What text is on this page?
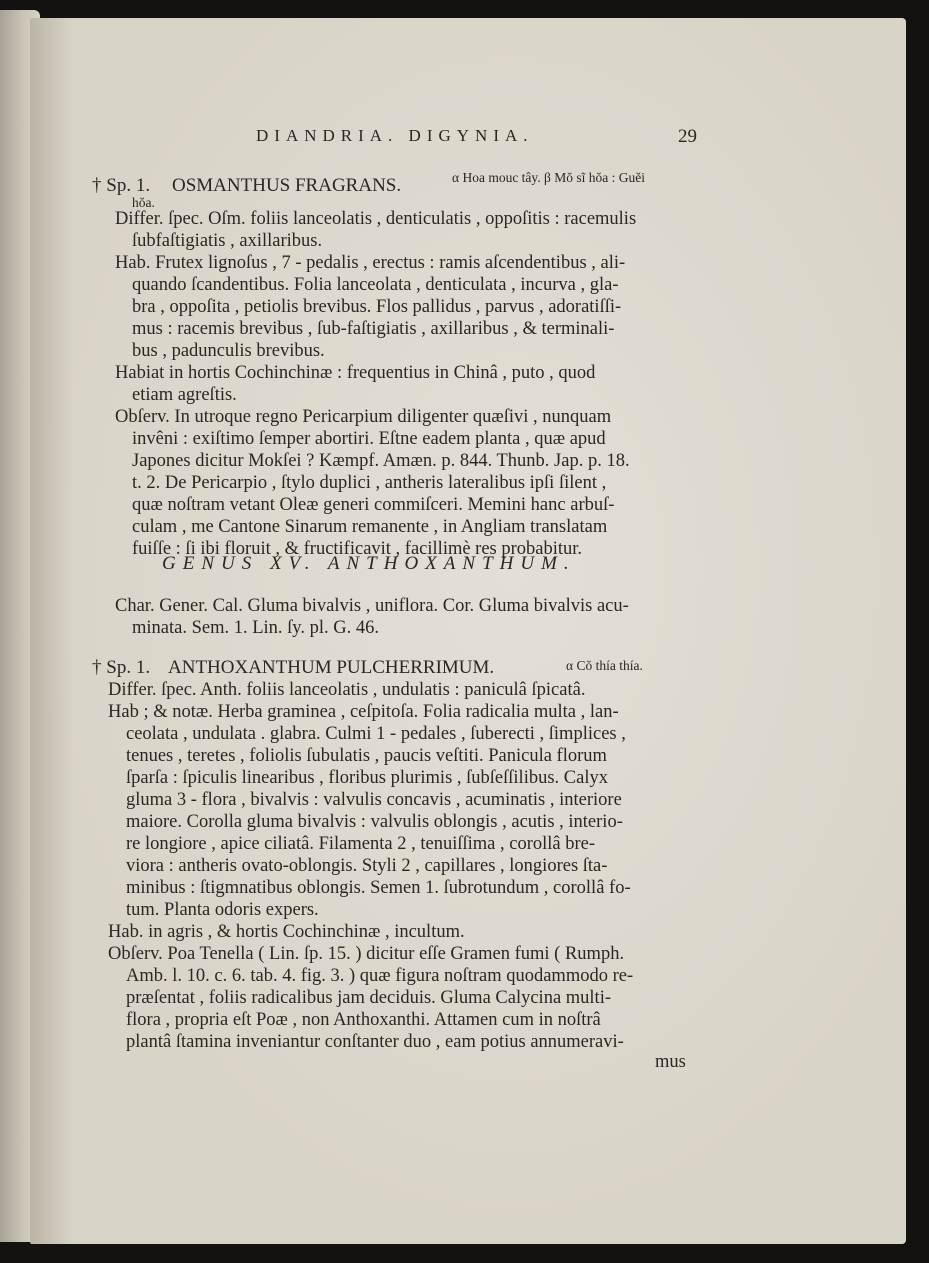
DIANDRIA. DIGYNIA.	29
† Sp. 1. OSMANTHUS FRAGRANS.	α Hoa mouc tây. β Mŏ sĩ hŏa : Guĕi
hŏa.
Differ. ſpec. Oſm. foliis lanceolatis , denticulatis , oppoſitis : racemulis
ſubfaſtigiatis , axillaribus.
Hab. Frutex lignoſus , 7 - pedalis , erectus : ramis aſcendentibus , ali-
quando ſcandentibus. Folia lanceolata , denticulata , incurva , gla-
bra , oppoſita , petiolis brevibus. Flos pallidus , parvus , adoratiſſi-
mus : racemis brevibus , ſub-faſtigiatis , axillaribus , & terminali-
bus , padunculis brevibus.
Habiat in hortis Cochinchinæ : frequentius in Chinâ , puto , quod
etiam agreſtis.
Obſerv. In utroque regno Pericarpium diligenter quæſivi , nunquam
invêni : exiſtimo ſemper abortiri. Eſtne eadem planta , quæ apud
Japones dicitur Mokſei ? Kæmpf. Amæn. p. 844. Thunb. Jap. p. 18.
t. 2. De Pericarpio , ſtylo duplici , antheris lateralibus ipſi ſilent ,
quæ noſtram vetant Oleæ generi commiſceri. Memini hanc arbuſ-
culam , me Cantone Sinarum remanente , in Angliam translatam
fuiſſe : ſi ibi floruit , & fructificavit , facillimè res probabitur.
GENUS XV. ANTHOXANTHUM.
Char. Gener. Cal. Gluma bivalvis , uniflora. Cor. Gluma bivalvis acu-
minata. Sem. 1. Lin. ſy. pl. G. 46.
† Sp. 1. ANTHOXANTHUM PULCHERRIMUM.	α Cŏ thía thía.
Differ. ſpec. Anth. foliis lanceolatis , undulatis : paniculâ ſpicatâ.
Hab ; & notæ. Herba graminea , ceſpitoſa. Folia radicalia multa , lan-
ceolata , undulata . glabra. Culmi 1 - pedales , ſuberecti , ſimplices ,
tenues , teretes , foliolis ſubulatis , paucis veſtiti. Panicula florum
ſparſa : ſpiculis linearibus , floribus plurimis , ſubſeſſilibus. Calyx
gluma 3 - flora , bivalvis : valvulis concavis , acuminatis , interiore
maiore. Corolla gluma bivalvis : valvulis oblongis , acutis , interio-
re longiore , apice ciliatâ. Filamenta 2 , tenuiſſima , corollâ bre-
viora : antheris ovato-oblongis. Styli 2 , capillares , longiores ſta-
minibus : ſtigmnatibus oblongis. Semen 1. ſubrotundum , corollâ fo-
tum. Planta odoris expers.
Hab. in agris , & hortis Cochinchinæ , incultum.
Obſerv. Poa Tenella ( Lin. ſp. 15. ) dicitur eſſe Gramen fumi ( Rumph.
Amb. l. 10. c. 6. tab. 4. fig. 3. ) quæ figura noſtram quodammodo re-
præſentat , foliis radicalibus jam deciduis. Gluma Calycina multi-
flora , propria eſt Poæ , non Anthoxanthi. Attamen cum in noſtrâ
plantâ ſtamina inveniantur conſtanter duo , eam potius annumeravi-
mus
